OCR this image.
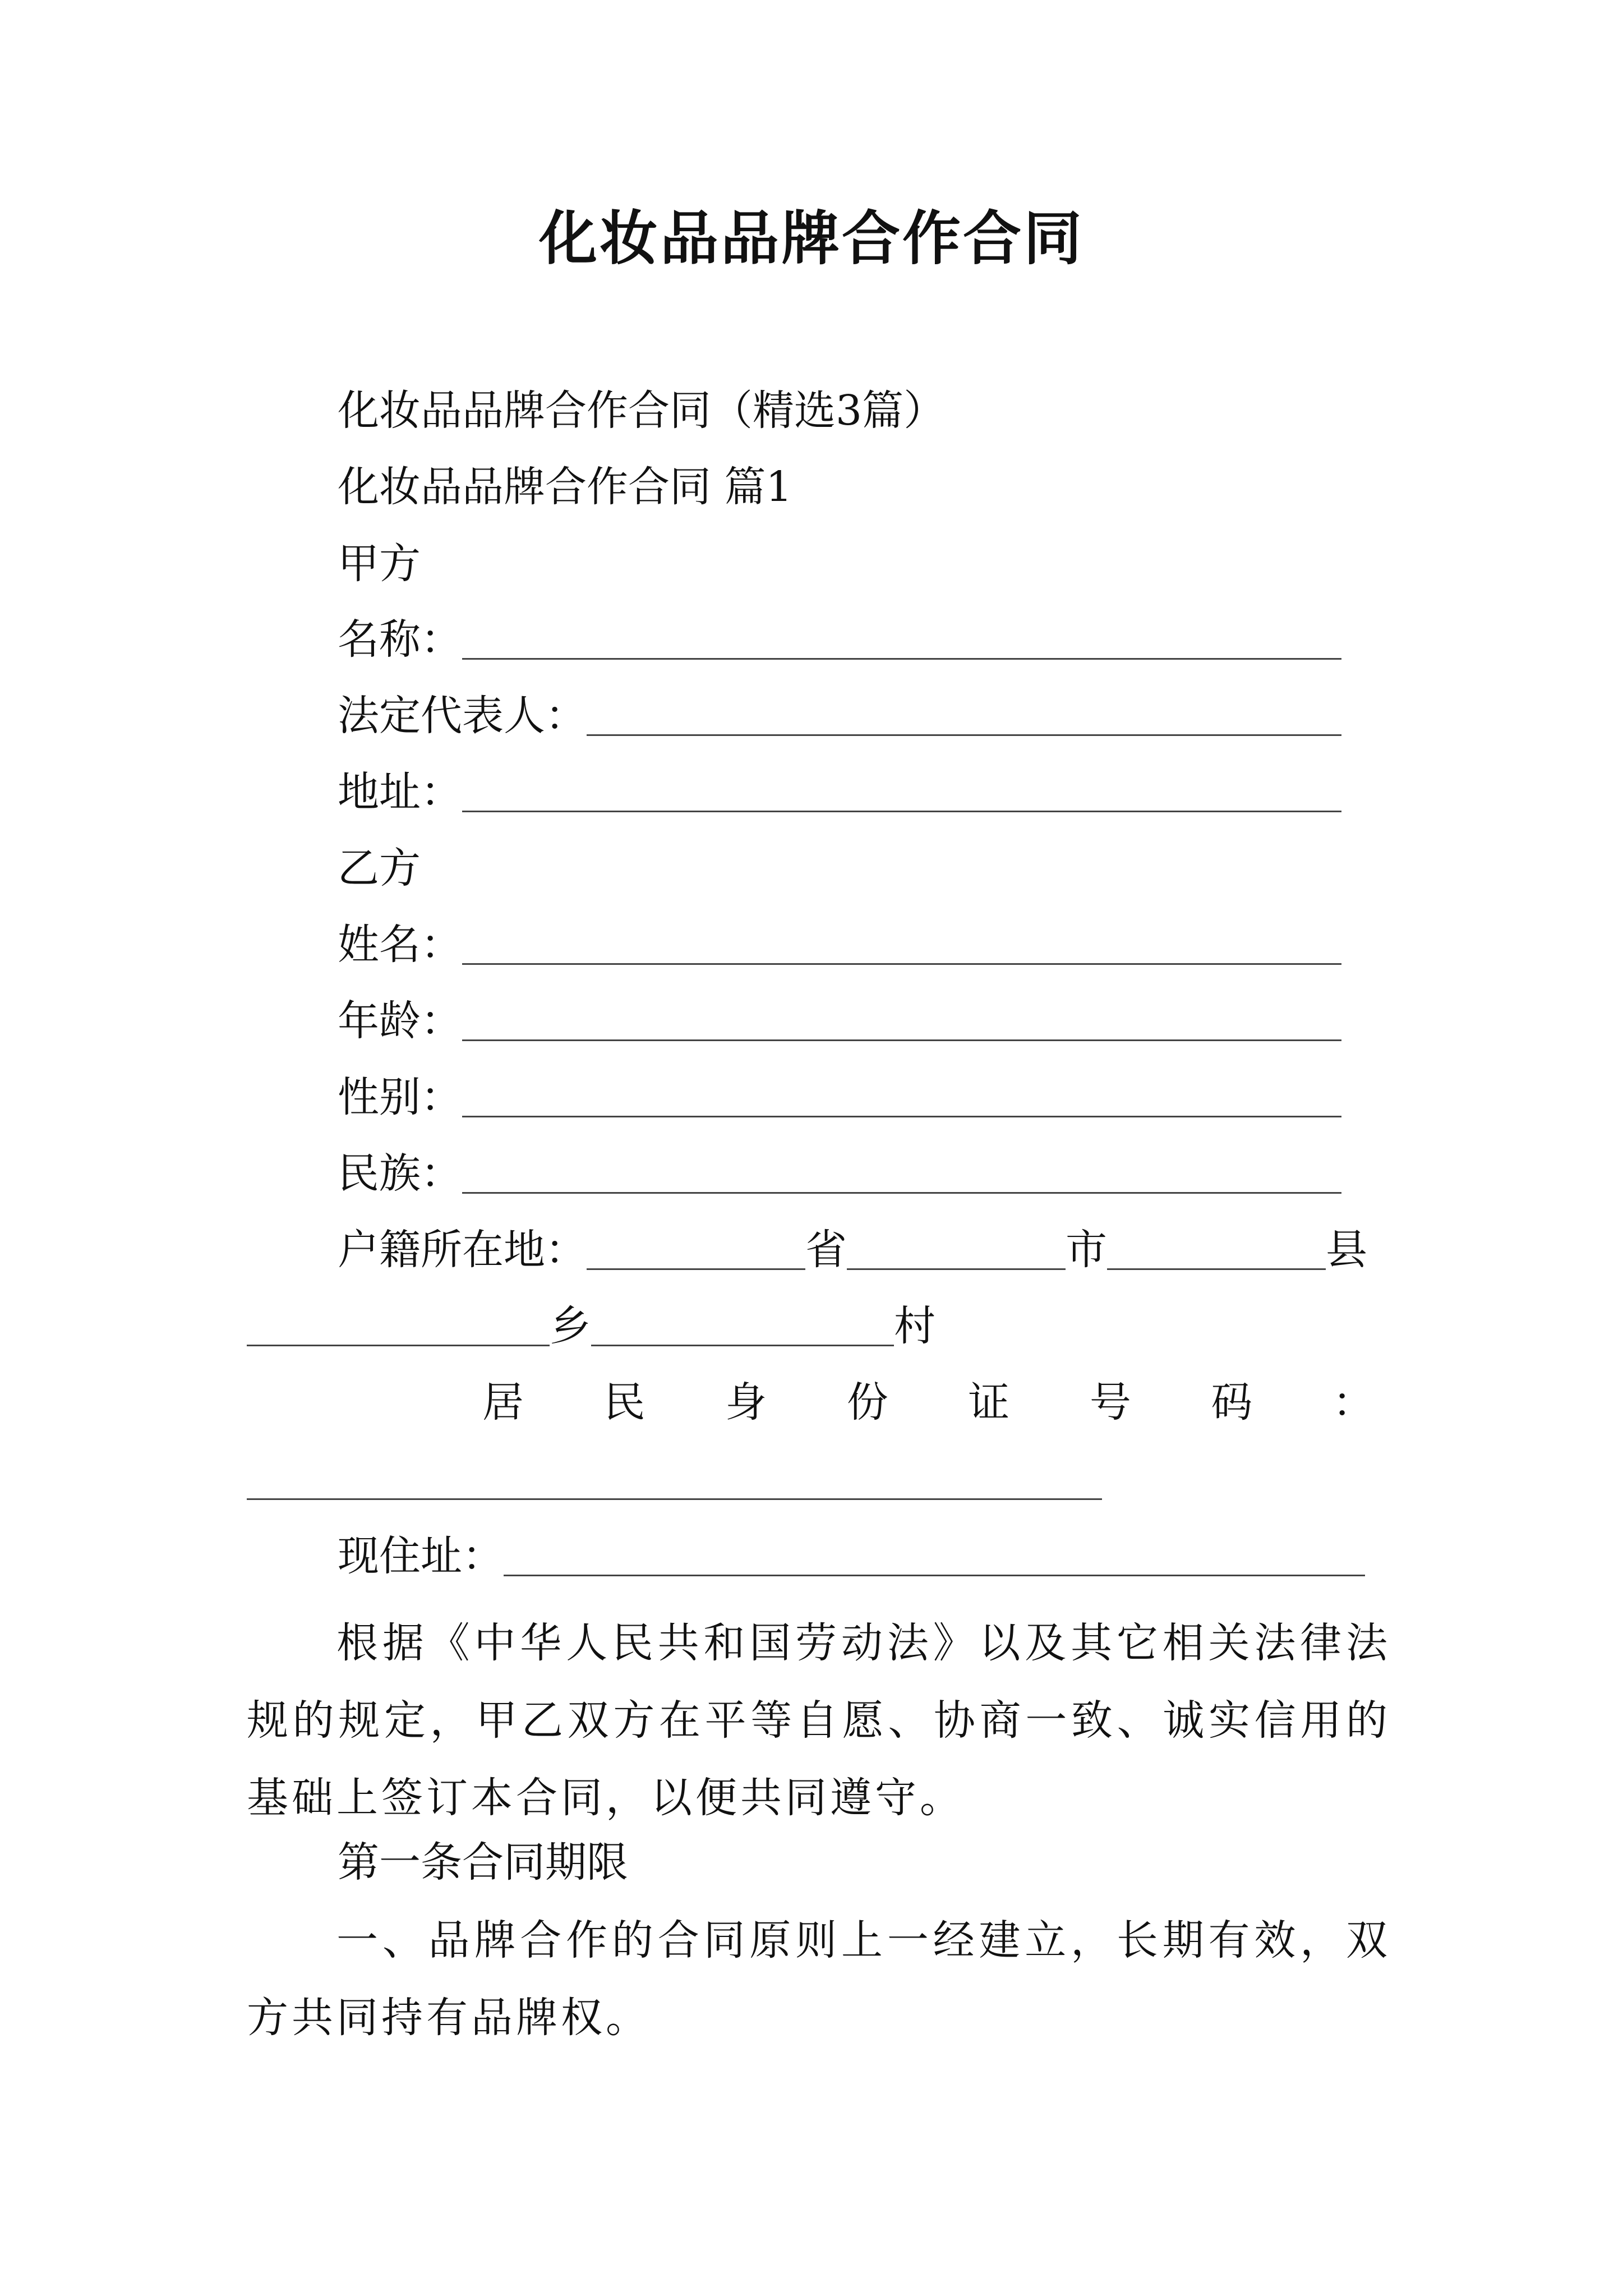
化妆品品牌合作合同
化妆品品牌合作合同（精选3篇）
化妆品品牌合作合同 篇1
甲方
名称：
法定代表人：
地址：
乙方
姓名：
年龄：
性别：
民族：
户籍所在地：	省	市	县
乡	村
居 民 身 份 证 号 码 ：
现住址：
根据《中华人民共和国劳动法》以及其它相关法律法规的规定，甲乙双方在平等自愿、协商一致、诚实信用的基础上签订本合同，以便共同遵守。
第一条合同期限
一、品牌合作的合同原则上一经建立，长期有效，双方共同持有品牌权。
